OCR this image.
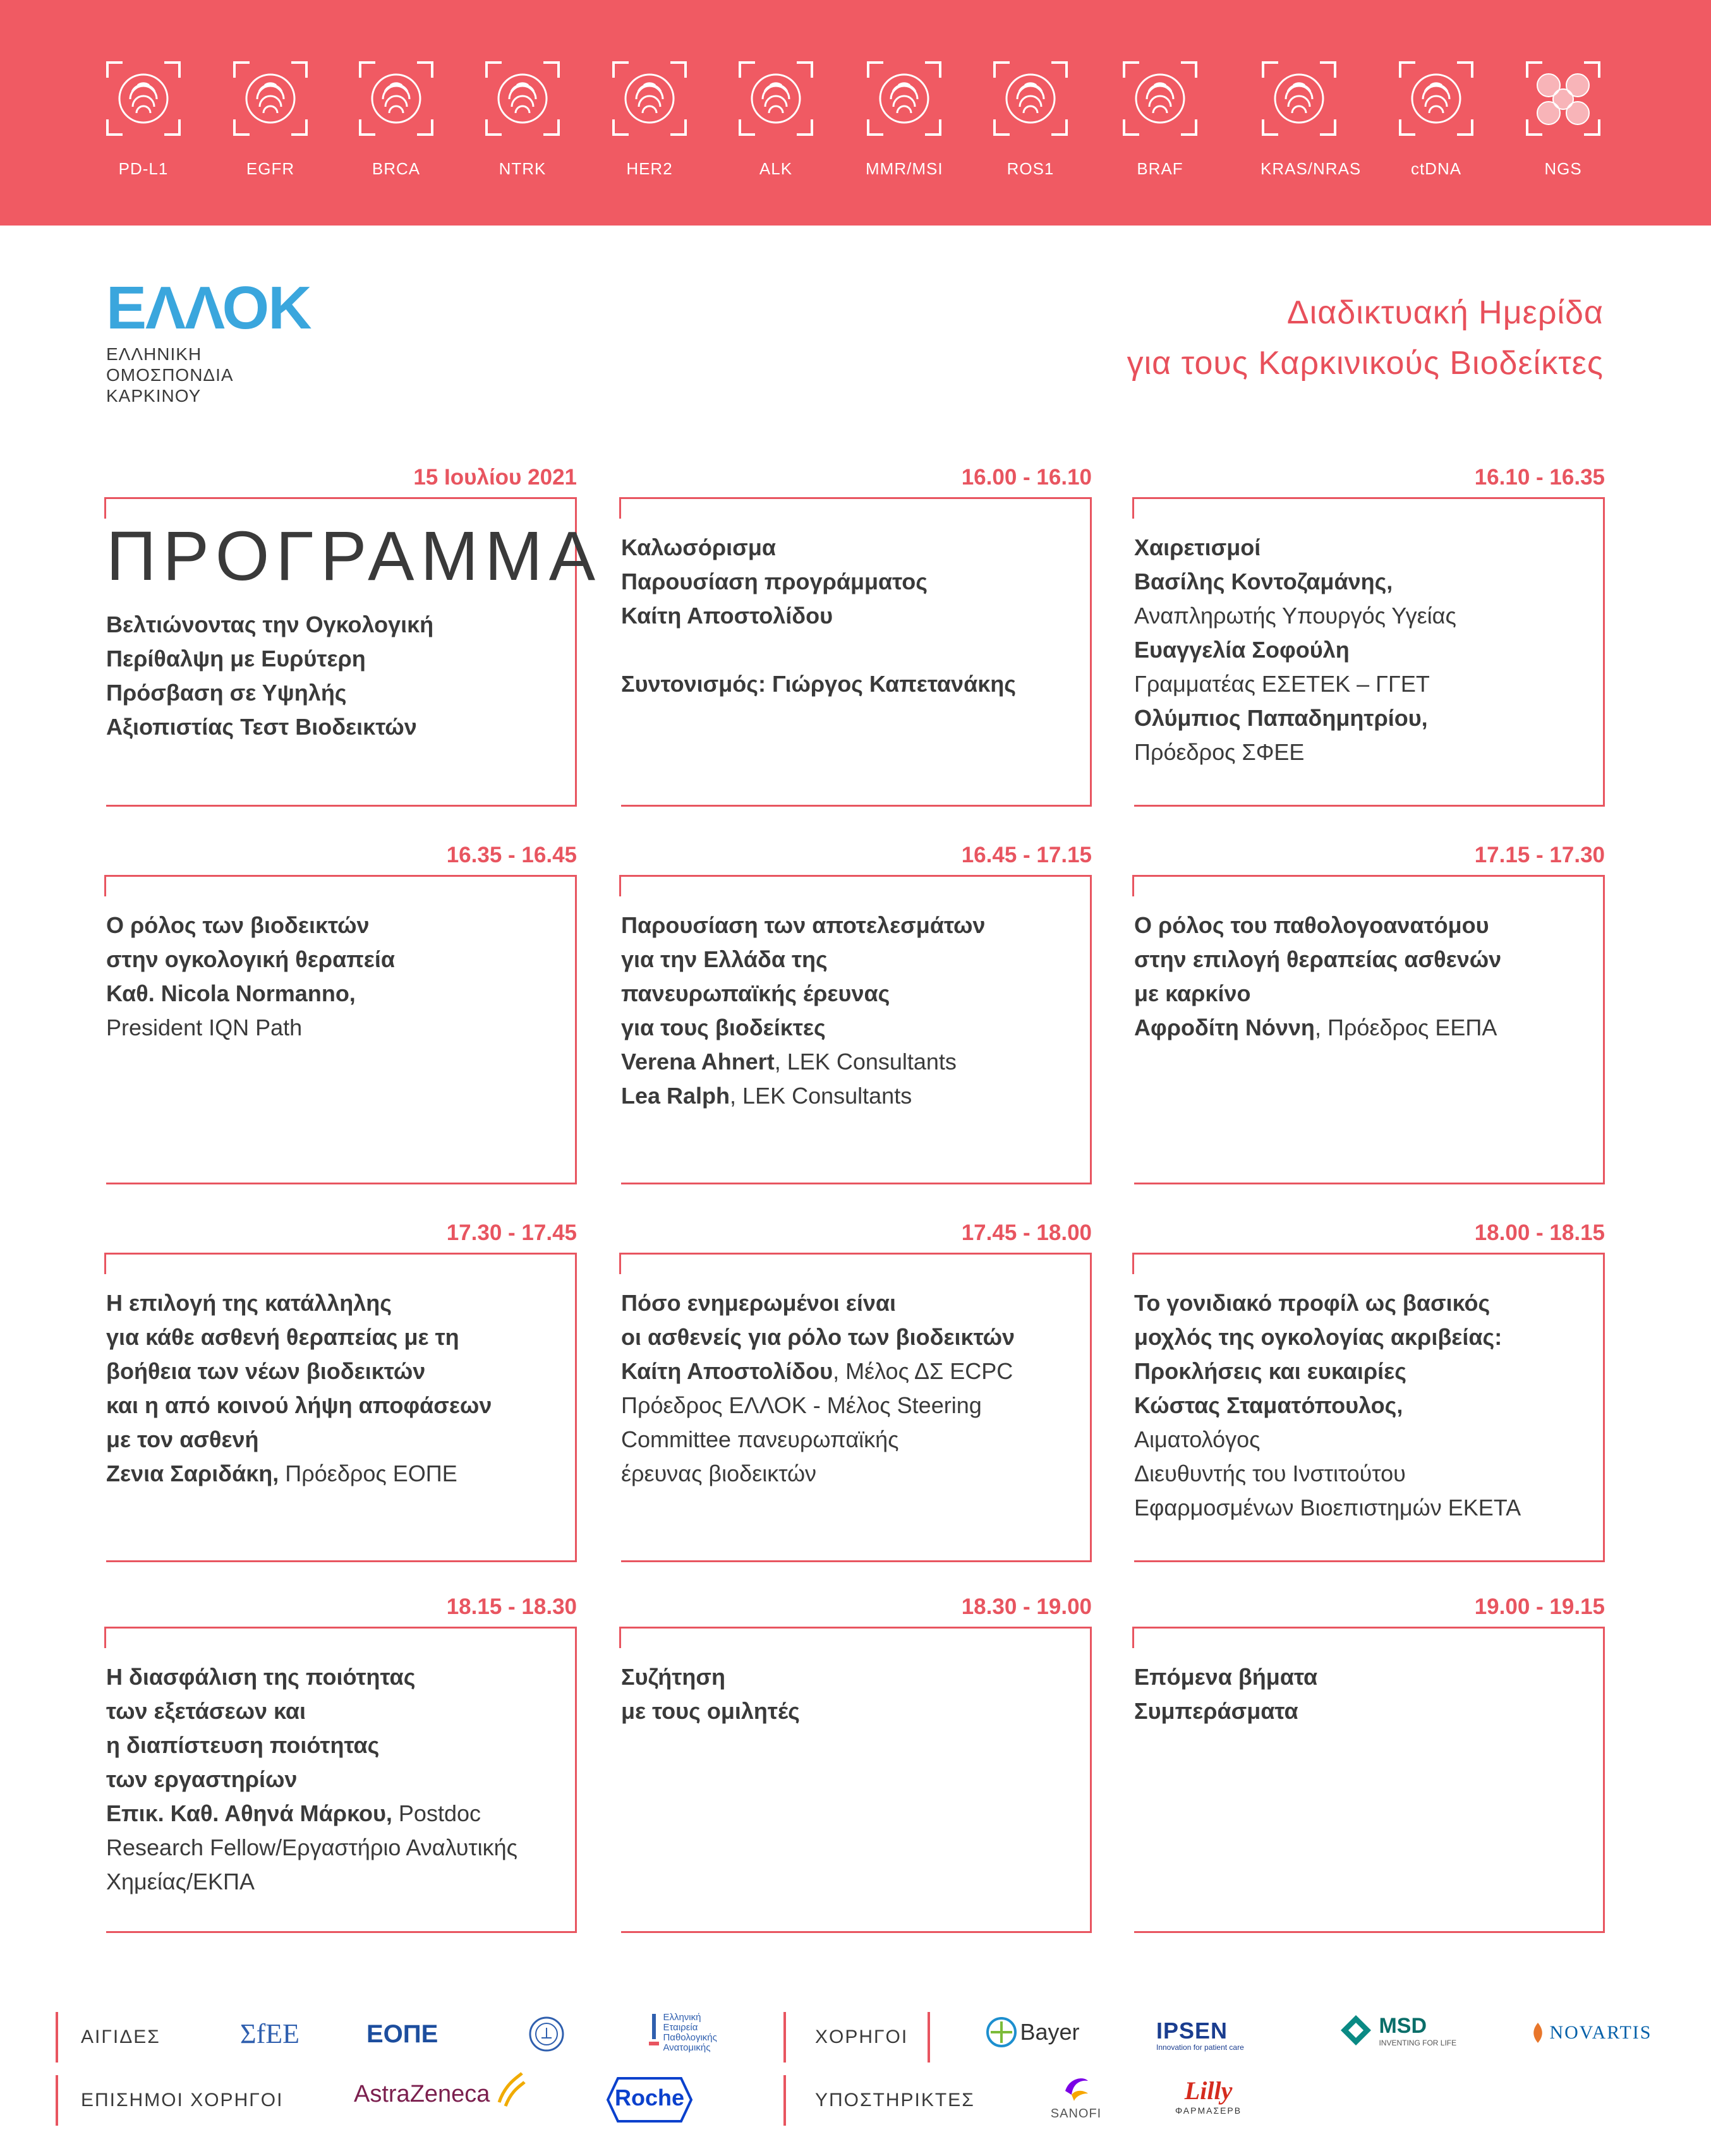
PD-L1	EGFR	BRCA	NTRK	HER2	ALK	MMR/MSI	ROS1	BRAF	KRAS/NRAS	ctDNA	NGS
ΕΛΛΟΚ
ΕΛΛΗΝΙΚΗ
ΟΜΟΣΠΟΝΔΙΑ
ΚΑΡΚΙΝΟΥ
Διαδικτυακή Ημερίδα
για τους Καρκινικούς Βιοδείκτες
15 Ιουλίου 2021

ΠΡΟΓΡΑΜΜΑ

Βελτιώνοντας την Ογκολογική

Περίθαλψη με Ευρύτερη

Πρόσβαση σε Υψηλής

Αξιοπιστίας Τεστ Βιοδεικτών

16.00 - 16.10

Καλωσόρισμα

Παρουσίαση προγράμματος

Καίτη Αποστολίδου

Συντονισμός: Γιώργος Καπετανάκης

16.10 - 16.35

Χαιρετισμοί

Βασίλης Κοντοζαμάνης,

Αναπληρωτής Υπουργός Υγείας

Ευαγγελία Σοφούλη

Γραμματέας ΕΣΕΤΕΚ – ΓΓΕΤ

Ολύμπιος Παπαδημητρίου,

Πρόεδρος ΣΦΕΕ

16.35 - 16.45

Ο ρόλος των βιοδεικτών

στην ογκολογική θεραπεία

Καθ. Nicola Normanno,

President IQN Path

16.45 - 17.15

Παρουσίαση των αποτελεσμάτων

για την Ελλάδα της

πανευρωπαϊκής έρευνας

για τους βιοδείκτες

Verena Ahnert, LEK Consultants

Lea Ralph, LEK Consultants

17.15 - 17.30

Ο ρόλος του παθολογοανατόμου

στην επιλογή θεραπείας ασθενών

με καρκίνο

Αφροδίτη Νόννη, Πρόεδρος ΕΕΠΑ

17.30 - 17.45

Η επιλογή της κατάλληλης

για κάθε ασθενή θεραπείας με τη

βοήθεια των νέων βιοδεικτών

και η από κοινού λήψη αποφάσεων

με τον ασθενή

Ζενια Σαριδάκη, Πρόεδρος ΕΟΠΕ

17.45 - 18.00

Πόσο ενημερωμένοι είναι

οι ασθενείς για ρόλο των βιοδεικτών

Καίτη Αποστολίδου, Μέλος ΔΣ ECPC

Πρόεδρος ΕΛΛΟΚ - Μέλος Steering

Committee πανευρωπαϊκής

έρευνας βιοδεικτών

18.00 - 18.15

Το γονιδιακό προφίλ ως βασικός

μοχλός της ογκολογίας ακριβείας:

Προκλήσεις και ευκαιρίες

Κώστας Σταματόπουλος,

Αιματολόγος

Διευθυντής του Ινστιτούτου

Εφαρμοσμένων Βιοεπιστημών ΕΚΕΤΑ

18.15 - 18.30

Η διασφάλιση της ποιότητας

των εξετάσεων και

η διαπίστευση ποιότητας

των εργαστηρίων

Επικ. Καθ. Αθηνά Μάρκου, Postdoc

Research Fellow/Εργαστήριο Αναλυτικής

Χημείας/ΕΚΠΑ

18.30 - 19.00

Συζήτηση

με τους ομιλητές

19.00 - 19.15

Επόμενα βήματα

Συμπεράσματα

ΑΙΓΙΔΕΣ	ΣfΕΕ	ΕΟΠΕ
Ελληνική Εταιρεία Παθολογικής Ανατομικής
ΧΟΡΗΓΟΙ	Bayer	IPSEN
Innovation for patient care

MSD
INVENTING FOR LIFE	NOVARTIS
ΕΠΙΣΗΜΟΙ ΧΟΡΗΓΟΙ	AstraZeneca	Roche	ΥΠΟΣΤΗΡΙΚΤΕΣ
SANOFI
Lilly
ΦΑΡΜΑΣΕΡΒ
